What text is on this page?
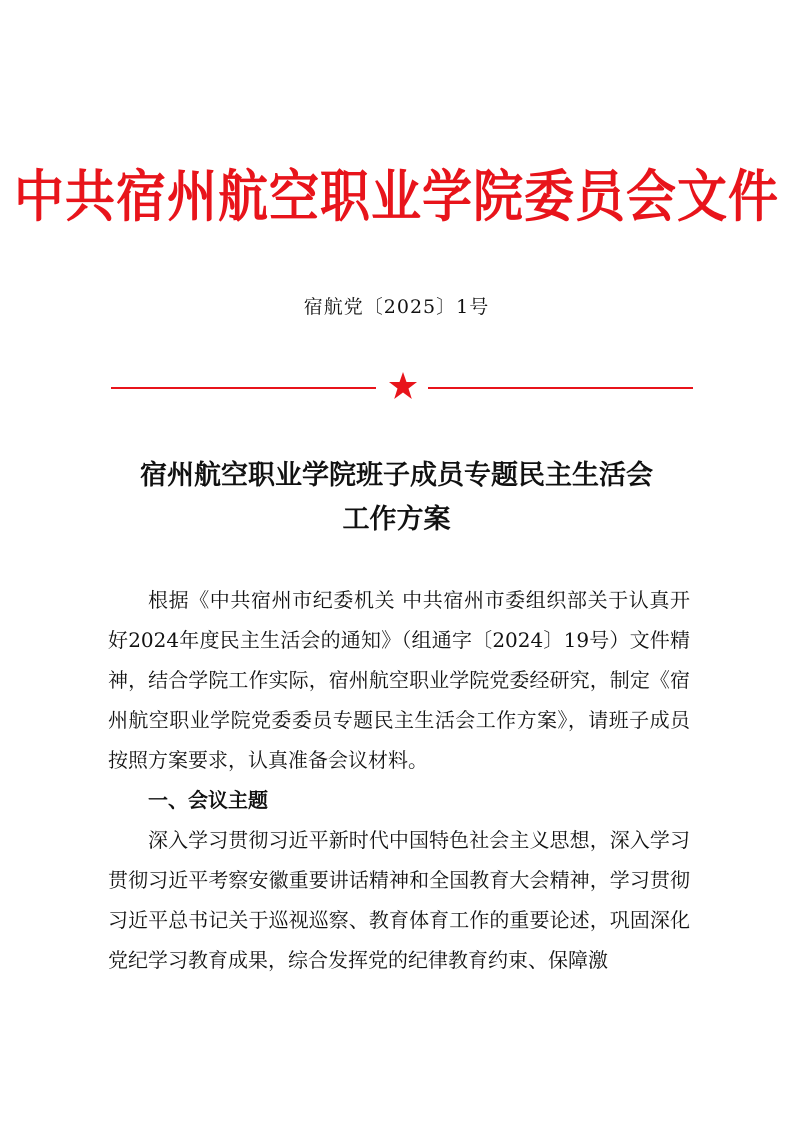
中共宿州航空职业学院委员会文件
宿航党〔2025〕1号
宿州航空职业学院班子成员专题民主生活会
工作方案
根据《中共宿州市纪委机关 中共宿州市委组织部关于认真开好2024年度民主生活会的通知》（组通字〔2024〕19号）文件精神，结合学院工作实际，宿州航空职业学院党委经研究，制定《宿州航空职业学院党委委员专题民主生活会工作方案》，请班子成员按照方案要求，认真准备会议材料。
一、会议主题
深入学习贯彻习近平新时代中国特色社会主义思想，深入学习贯彻习近平考察安徽重要讲话精神和全国教育大会精神，学习贯彻习近平总书记关于巡视巡察、教育体育工作的重要论述，巩固深化党纪学习教育成果，综合发挥党的纪律教育约束、保障激
